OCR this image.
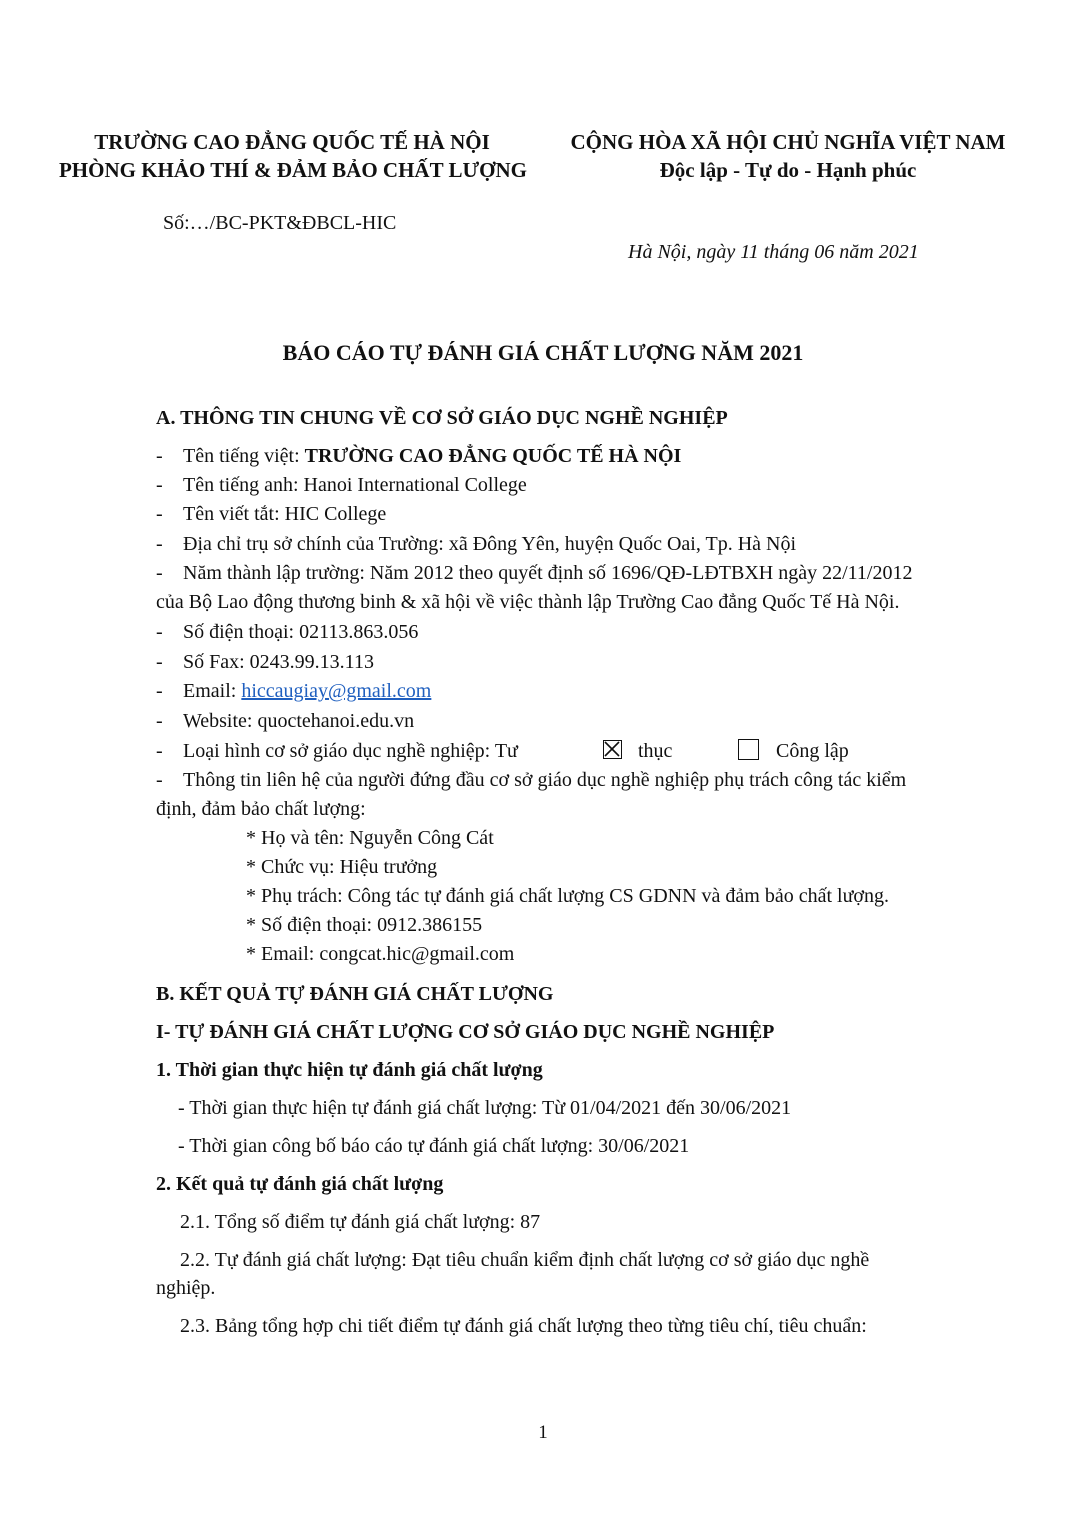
TRƯỜNG CAO ĐẲNG QUỐC TẾ HÀ NỘI
PHÒNG KHẢO THÍ & ĐẢM BẢO CHẤT LƯỢNG
CỘNG HÒA XÃ HỘI CHỦ NGHĨA VIỆT NAM
Độc lập - Tự do - Hạnh phúc
Số:…/BC-PKT&ĐBCL-HIC
Hà Nội, ngày 11 tháng 06 năm 2021
BÁO CÁO TỰ ĐÁNH GIÁ CHẤT LƯỢNG NĂM 2021
A. THÔNG TIN CHUNG VỀ CƠ SỞ GIÁO DỤC NGHỀ NGHIỆP
- Tên tiếng việt: TRƯỜNG CAO ĐẲNG QUỐC TẾ HÀ NỘI
- Tên tiếng anh: Hanoi International College
- Tên viết tắt: HIC College
- Địa chỉ trụ sở chính của Trường: xã Đông Yên, huyện Quốc Oai, Tp. Hà Nội
- Năm thành lập trường: Năm 2012 theo quyết định số 1696/QĐ-LĐTBXH ngày 22/11/2012
của Bộ Lao động thương binh & xã hội về việc thành lập Trường Cao đẳng Quốc Tế Hà Nội.
- Số điện thoại: 02113.863.056
- Số Fax: 0243.99.13.113
- Email: hiccaugiay@gmail.com
- Website: quoctehanoi.edu.vn
- Loại hình cơ sở giáo dục nghề nghiệp: Tư	thục	Công lập
- Thông tin liên hệ của người đứng đầu cơ sở giáo dục nghề nghiệp phụ trách công tác kiểm
định, đảm bảo chất lượng:
* Họ và tên: Nguyễn Công Cát
* Chức vụ: Hiệu trưởng
* Phụ trách: Công tác tự đánh giá chất lượng CS GDNN và đảm bảo chất lượng.
* Số điện thoại: 0912.386155
* Email: congcat.hic@gmail.com
B. KẾT QUẢ TỰ ĐÁNH GIÁ CHẤT LƯỢNG
I- TỰ ĐÁNH GIÁ CHẤT LƯỢNG CƠ SỞ GIÁO DỤC NGHỀ NGHIỆP
1. Thời gian thực hiện tự đánh giá chất lượng
- Thời gian thực hiện tự đánh giá chất lượng: Từ 01/04/2021 đến 30/06/2021
- Thời gian công bố báo cáo tự đánh giá chất lượng: 30/06/2021
2. Kết quả tự đánh giá chất lượng
2.1. Tổng số điểm tự đánh giá chất lượng: 87
2.2. Tự đánh giá chất lượng: Đạt tiêu chuẩn kiểm định chất lượng cơ sở giáo dục nghề
nghiệp.
2.3. Bảng tổng hợp chi tiết điểm tự đánh giá chất lượng theo từng tiêu chí, tiêu chuẩn:
1
